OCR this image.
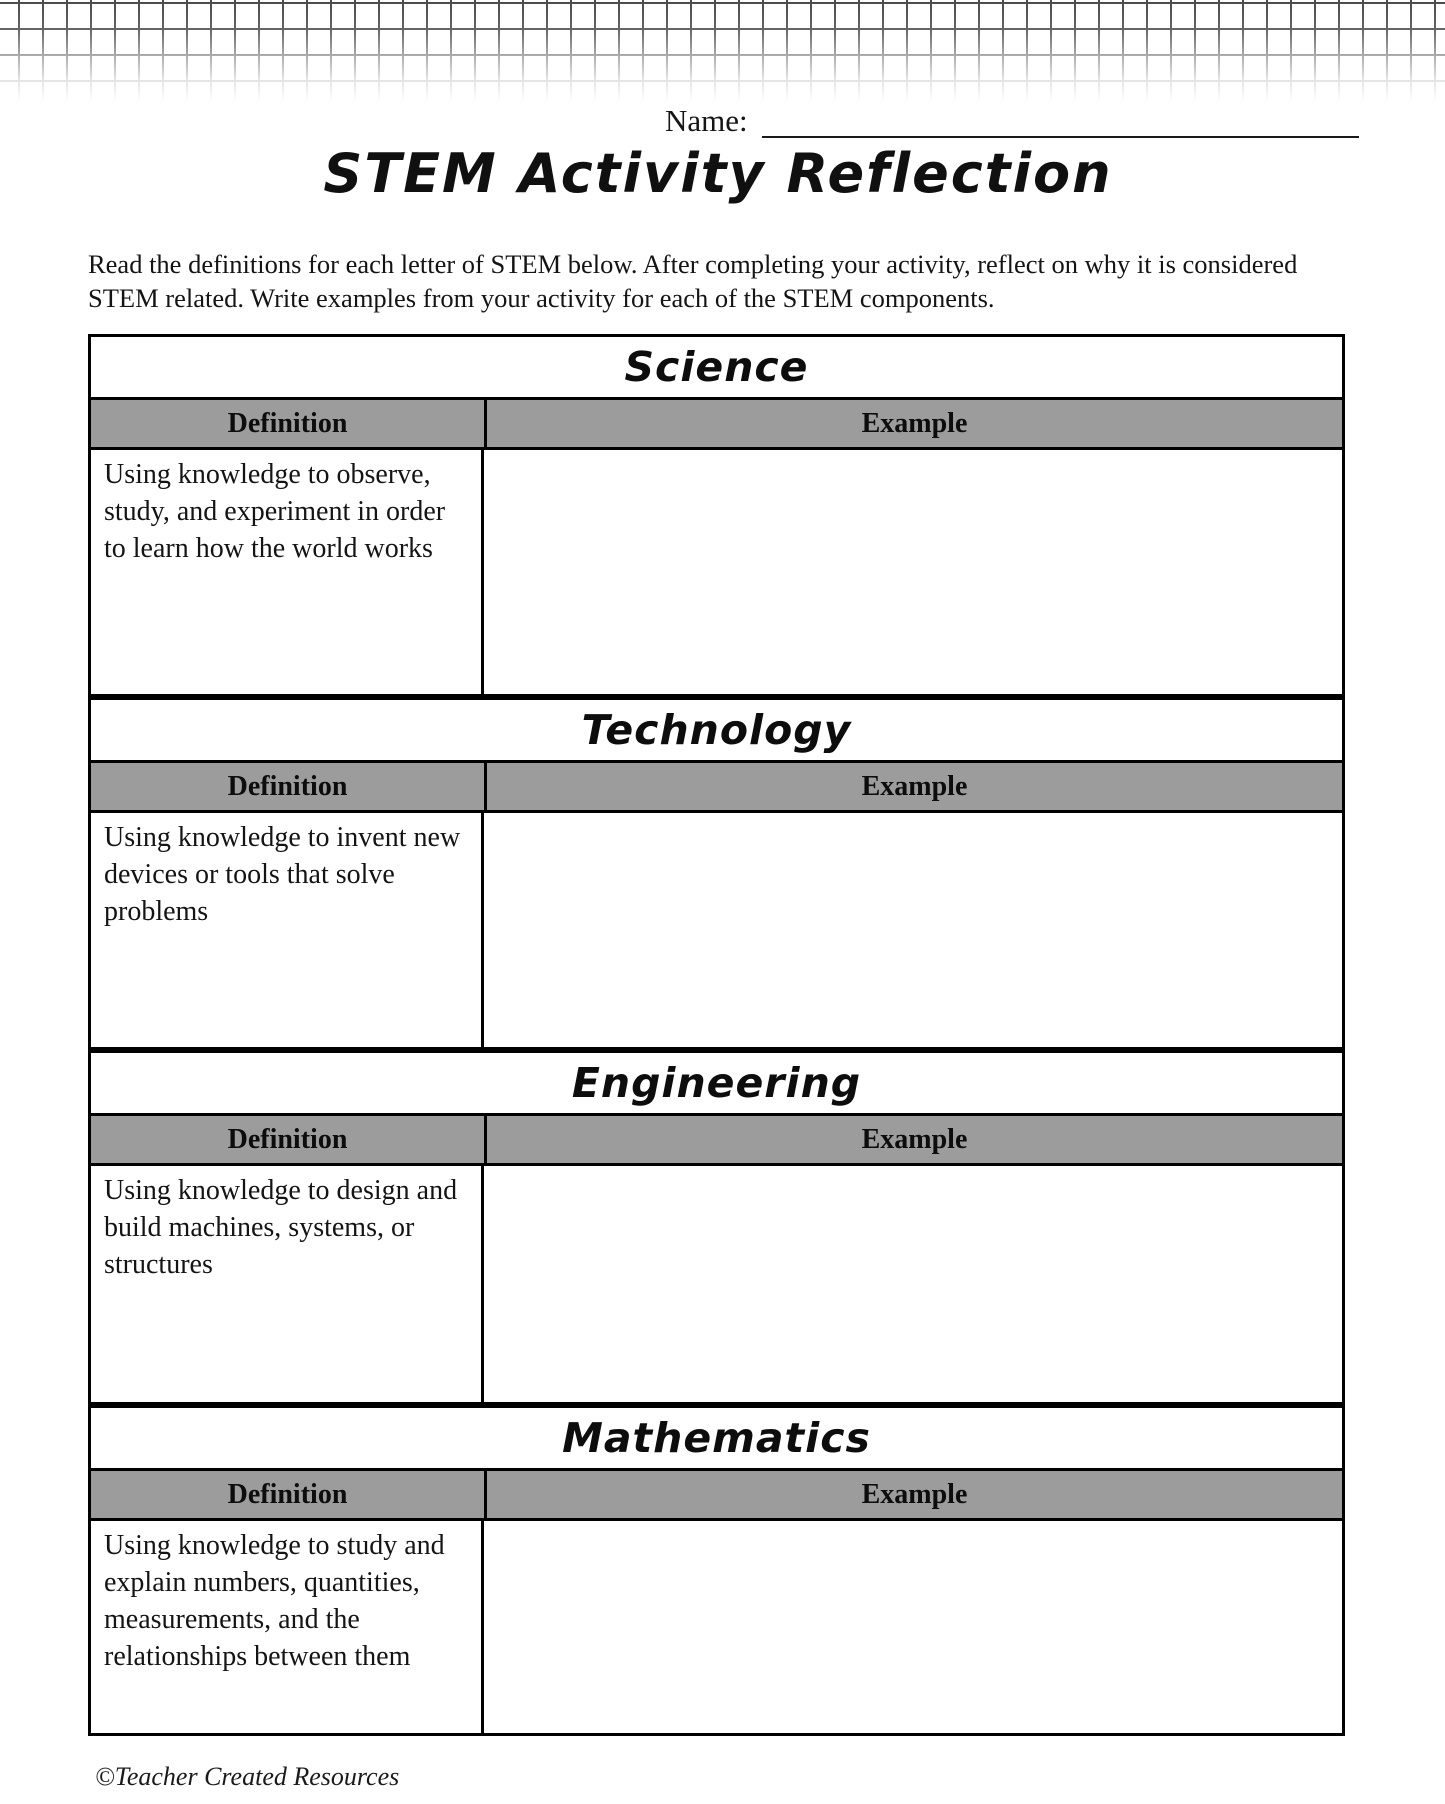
Name:
STEM Activity Reflection

Read the definitions for each letter of STEM below. After completing your activity, reflect on why it is considered STEM related. Write examples from your activity for each of the STEM components.

Science
Definition	Example
Using knowledge to observe, study, and experiment in order to learn how the world works
Technology
Definition	Example
Using knowledge to invent new devices or tools that solve problems
Engineering
Definition	Example
Using knowledge to design and build machines, systems, or structures
Mathematics
Definition	Example
Using knowledge to study and explain numbers, quantities, measurements, and the relationships between them
©Teacher Created Resources
